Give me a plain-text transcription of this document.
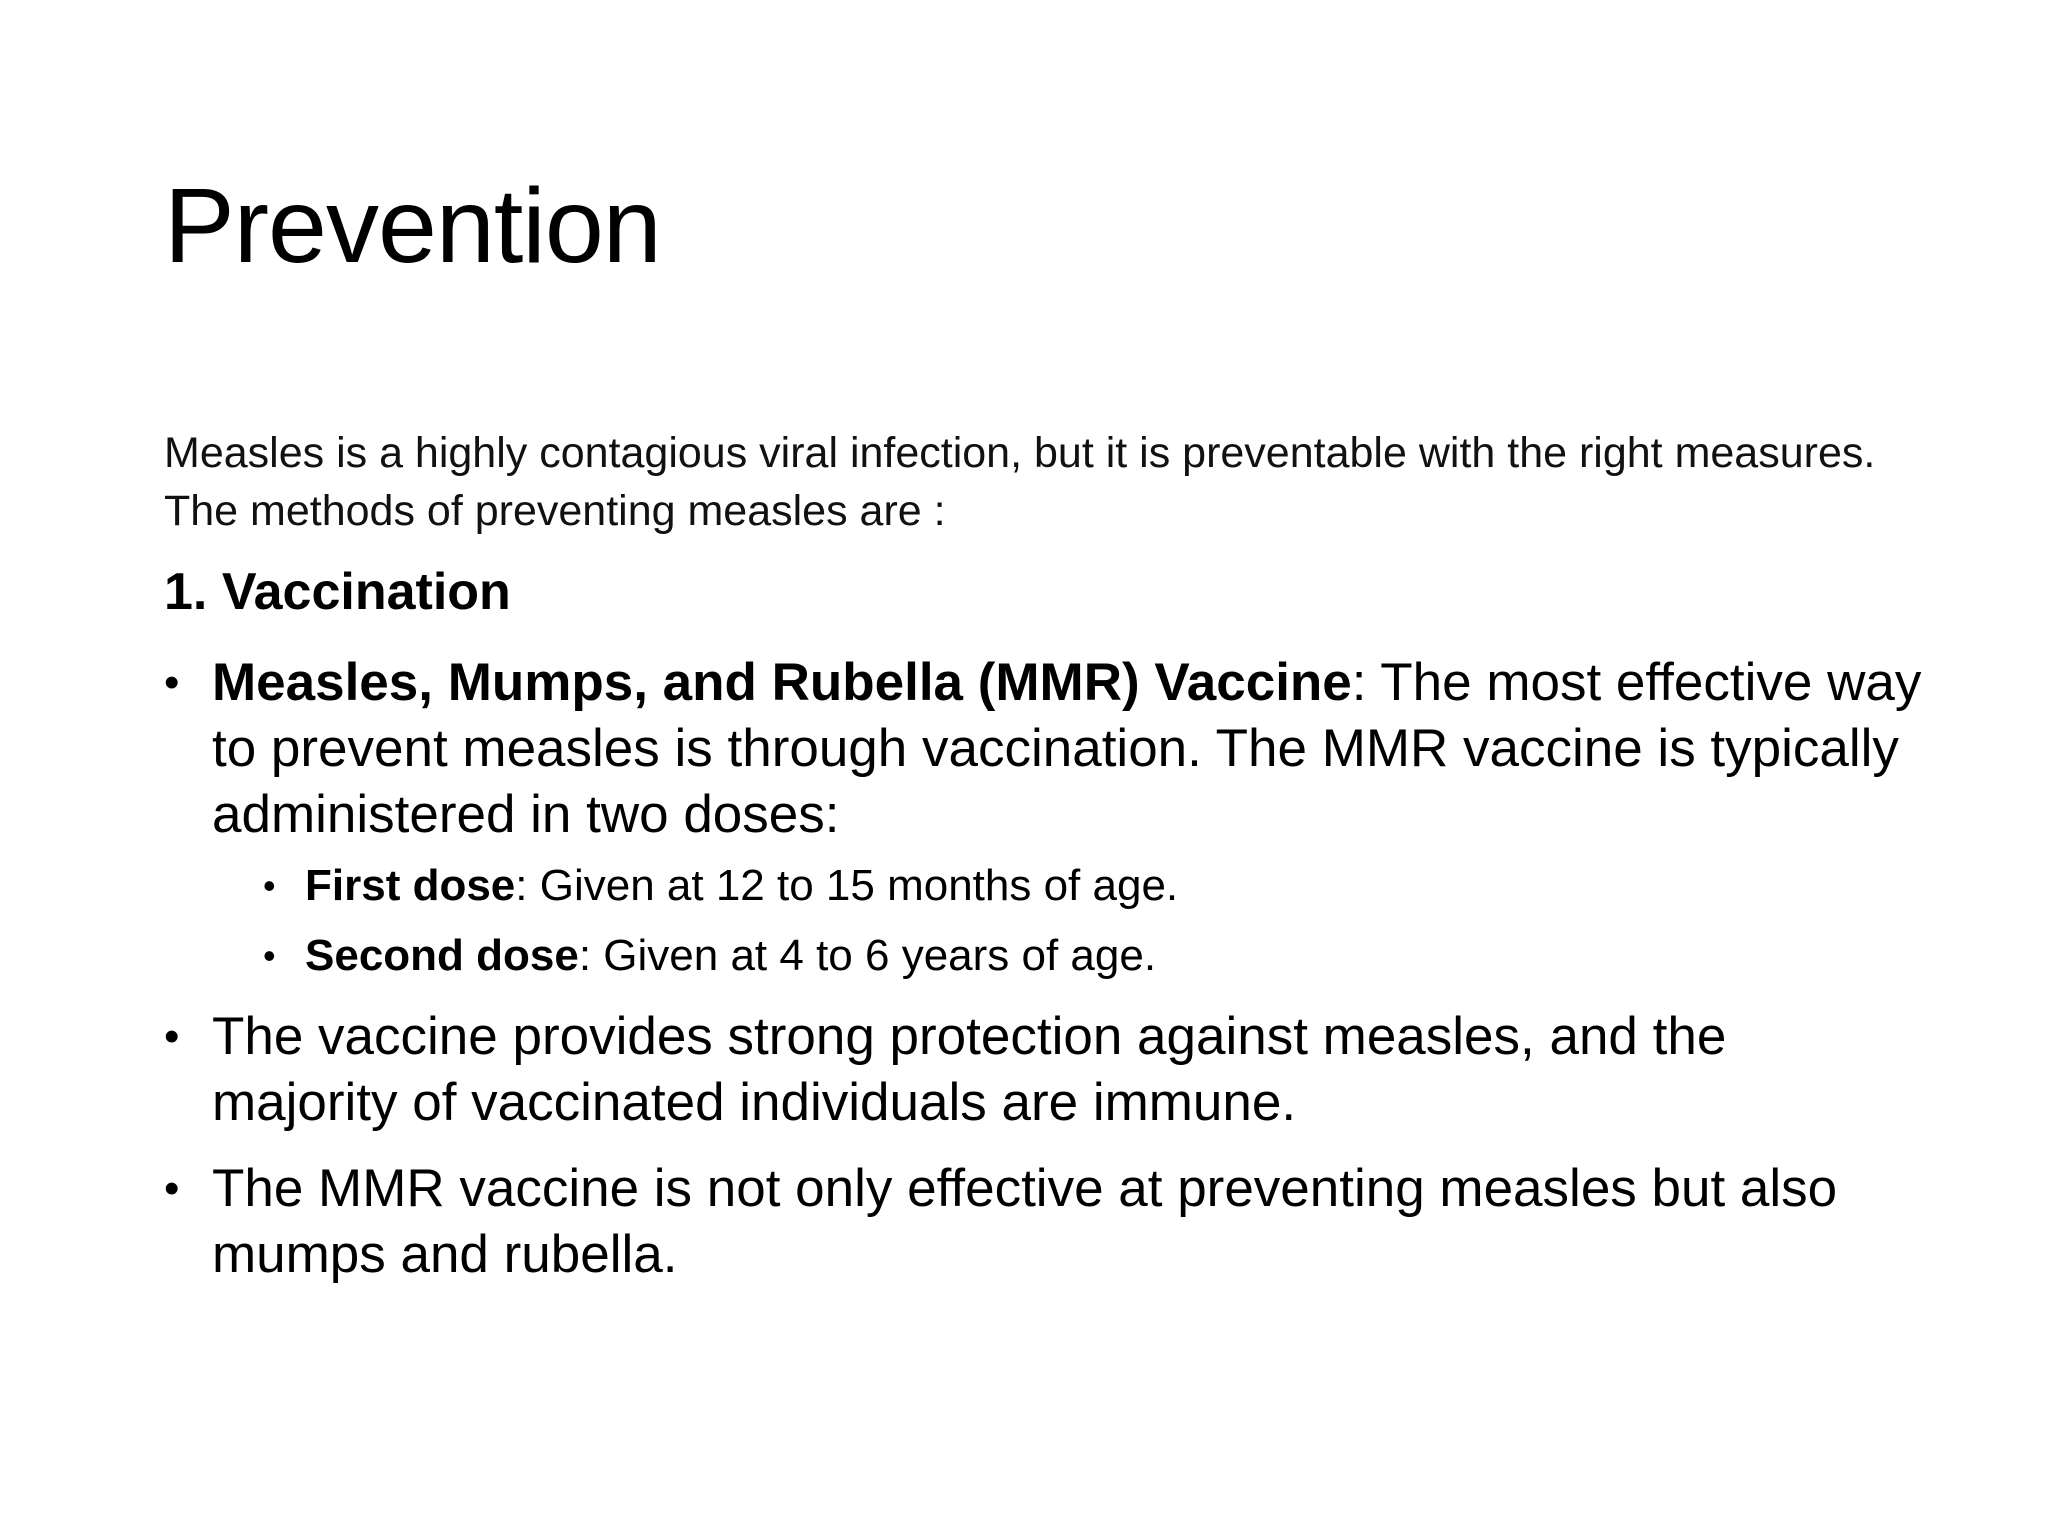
Prevention

Measles is a highly contagious viral infection, but it is preventable with the right measures. The methods of preventing measles are :

1. Vaccination
• Measles, Mumps, and Rubella (MMR) Vaccine: The most effective way to prevent measles is through vaccination. The MMR vaccine is typically administered in two doses:
• First dose: Given at 12 to 15 months of age.
• Second dose: Given at 4 to 6 years of age.
• The vaccine provides strong protection against measles, and the majority of vaccinated individuals are immune.
• The MMR vaccine is not only effective at preventing measles but also mumps and rubella.
